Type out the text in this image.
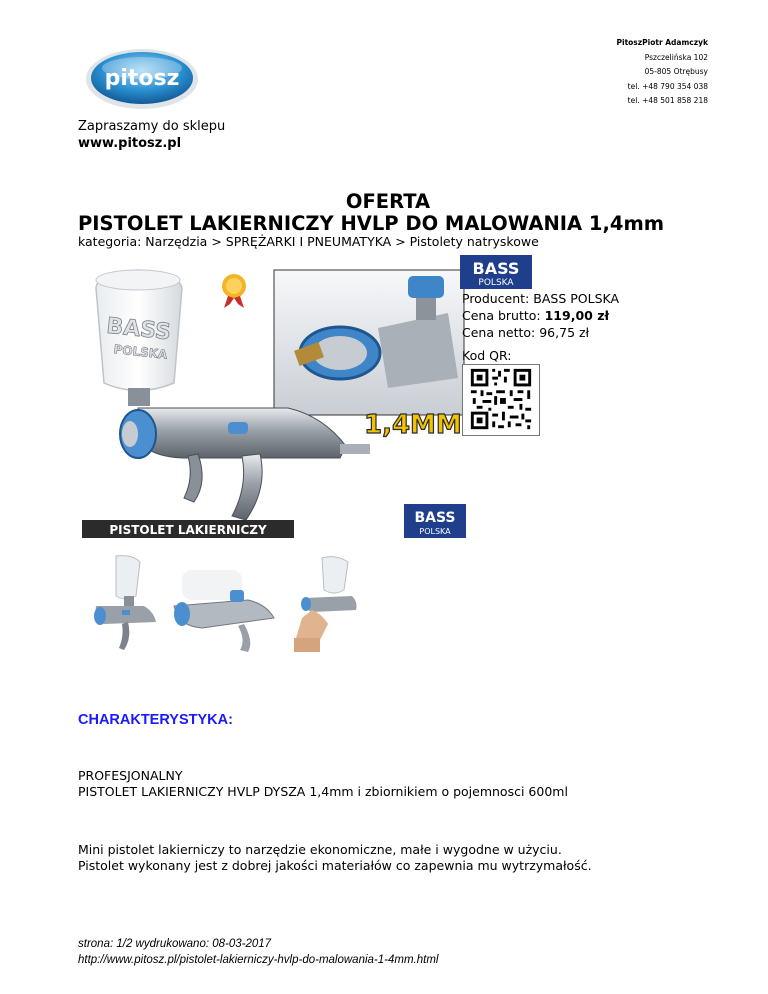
pitosz
PitoszPiotr Adamczyk
Pszczelińska 102
05-805 Otrębusy
tel. +48 790 354 038
tel. +48 501 858 218
Zapraszamy do sklepu
www.pitosz.pl
OFERTA
PISTOLET LAKIERNICZY HVLP DO MALOWANIA 1,4mm
kategoria: Narzędzia > SPRĘŻARKI I PNEUMATYKA > Pistolety natryskowe
1,4MM
BASS
POLSKA
PISTOLET LAKIERNICZY
BASS
POLSKA
BASS
POLSKA
Producent: BASS POLSKA
Cena brutto: 119,00 zł
Cena netto: 96,75 zł
Kod QR:
CHARAKTERYSTYKA:
PROFESJONALNY
PISTOLET LAKIERNICZY HVLP DYSZA 1,4mm i zbiornikiem o pojemnosci 600ml
Mini pistolet lakierniczy to narzędzie ekonomiczne, małe i wygodne w użyciu.
Pistolet wykonany jest z dobrej jakości materiałów co zapewnia mu wytrzymałość.
strona: 1/2 wydrukowano: 08-03-2017
http://www.pitosz.pl/pistolet-lakierniczy-hvlp-do-malowania-1-4mm.html
